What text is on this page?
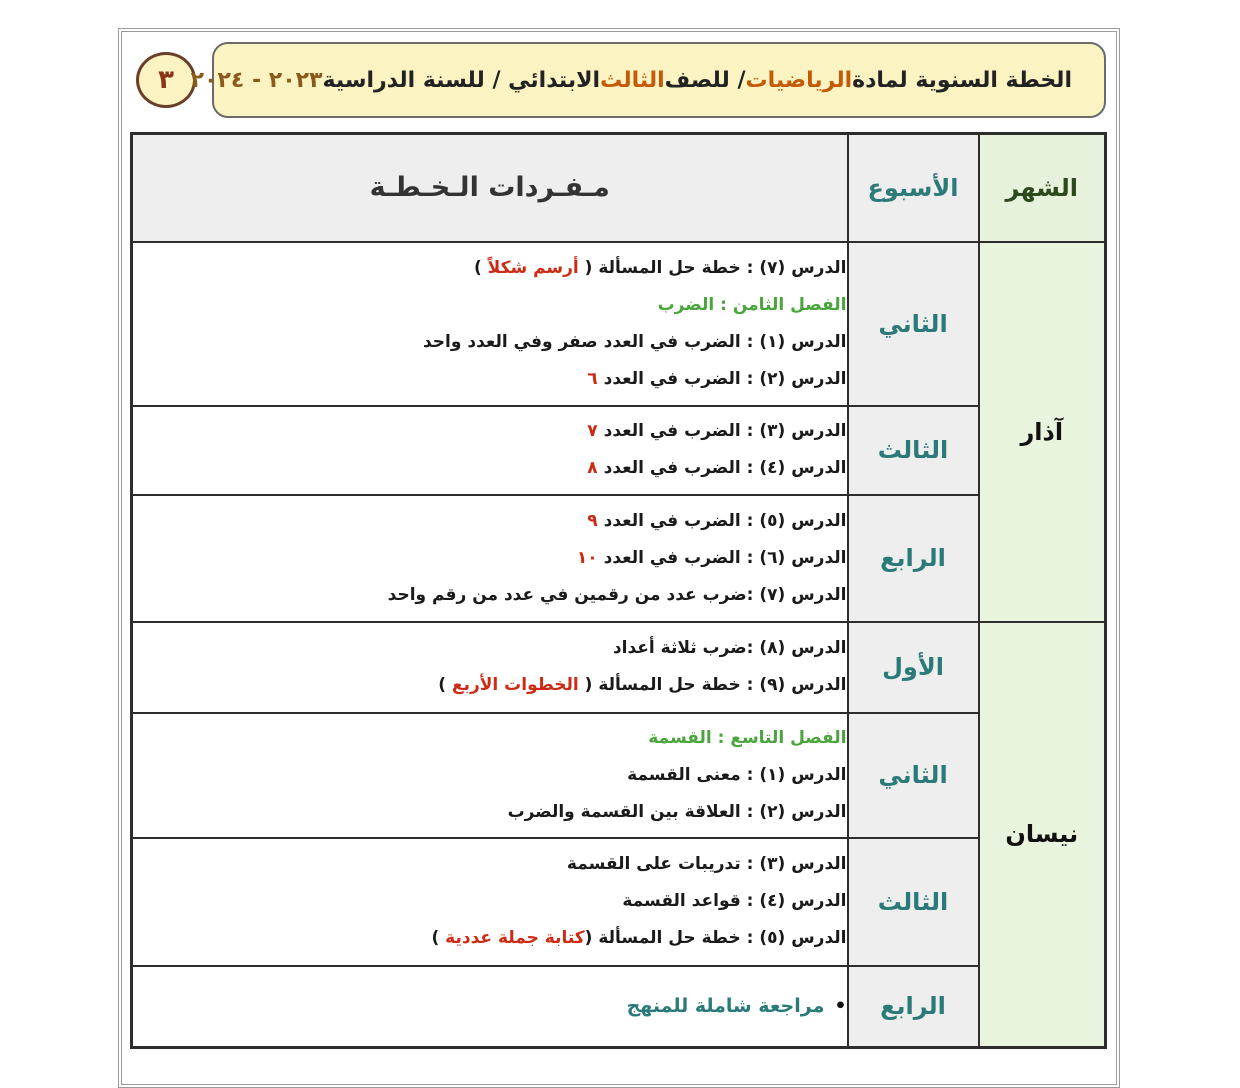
٣	الخطة السنوية لمادة
الرياضيات
/ للصف
الثالث
الابتدائي / للسنة الدراسية
٢٠٢٣ - ٢٠٢٤
الشهر	الأسبوع	مـفـردات الـخـطـة
آذار	الثاني	الدرس (٧) : خطة حل المسألة ( أرسم شكلاً )
الفصل الثامن : الضرب
الدرس (١) : الضرب في العدد صفر وفي العدد واحد
الدرس (٢) : الضرب في العدد ٦

	الثالث	الدرس (٣) : الضرب في العدد ٧
الدرس (٤) : الضرب في العدد ٨

	الرابع	الدرس (٥) : الضرب في العدد ٩
الدرس (٦) : الضرب في العدد ١٠
الدرس (٧) :ضرب عدد من رقمين في عدد من رقم واحد

نيسان	الأول	الدرس (٨) :ضرب ثلاثة أعداد
الدرس (٩) : خطة حل المسألة ( الخطوات الأربع )

	الثاني	الفصل التاسع : القسمة
الدرس (١) : معنى القسمة
الدرس (٢) : العلاقة بين القسمة والضرب

	الثالث	الدرس (٣) : تدريبات على القسمة
الدرس (٤) : قواعد القسمة
الدرس (٥) : خطة حل المسألة (كتابة جملة عددية )

	الرابع	•مراجعة شاملة للمنهج
